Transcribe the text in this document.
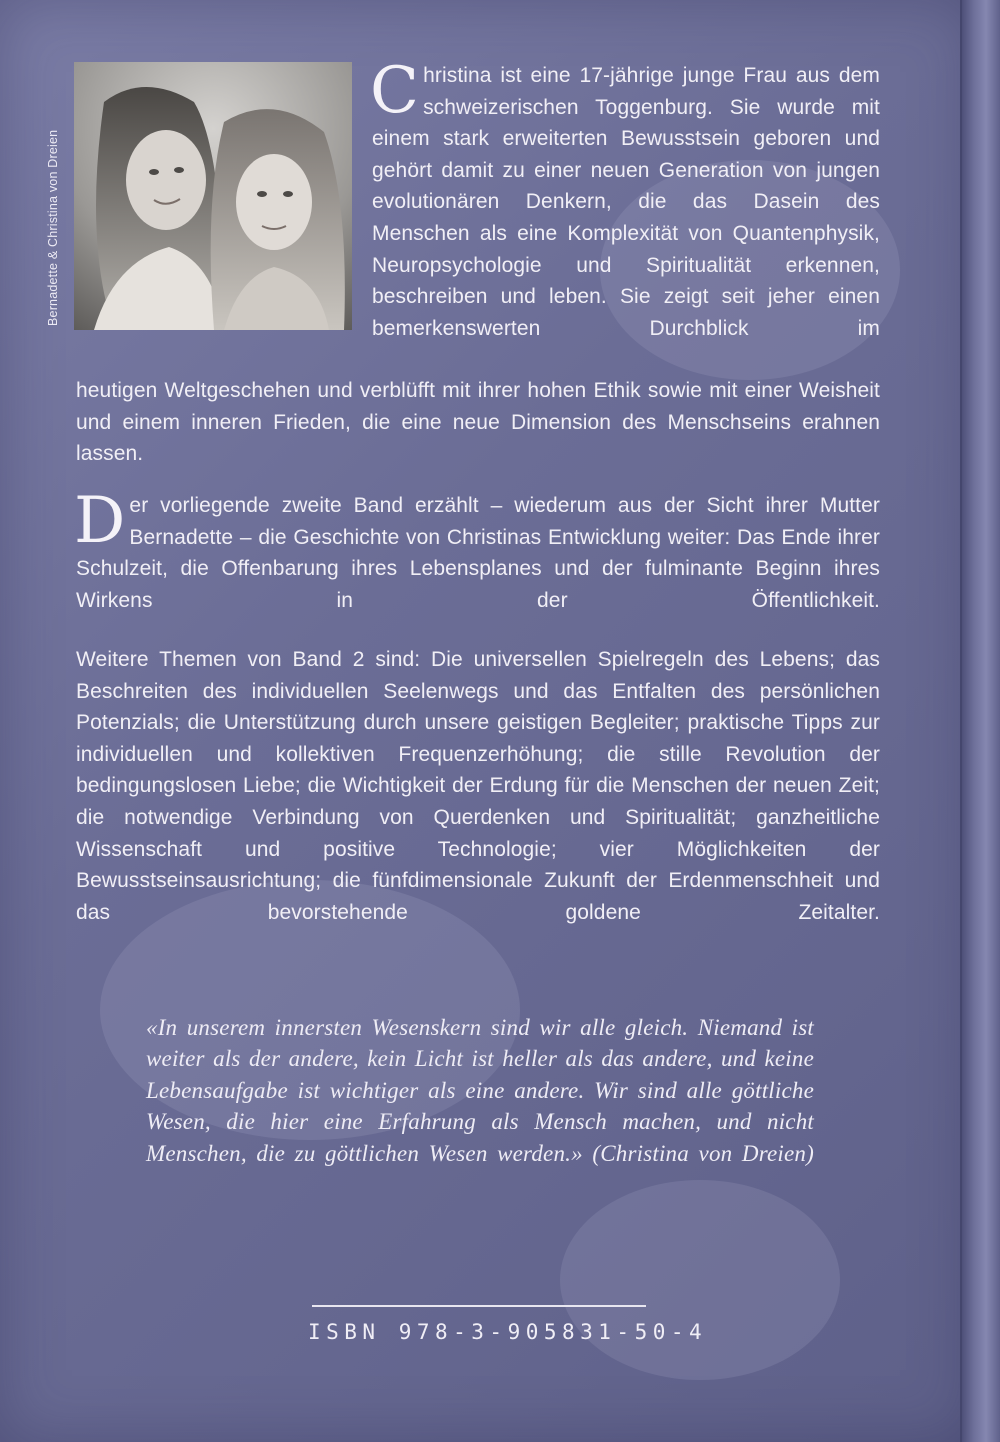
Bernadette & Christina von Dreien
C hristina ist eine 17-jährige junge Frau aus dem schweizerischen Toggenburg. Sie wurde mit einem stark erweiterten Bewusstsein geboren und gehört damit zu einer neuen Generation von jungen evolutionären Denkern, die das Dasein des Menschen als eine Komplexität von Quantenphysik, Neuropsychologie und Spiritualität erkennen, beschreiben und leben. Sie zeigt seit jeher einen bemerkenswerten Durchblick im
heutigen Weltgeschehen und verblüfft mit ihrer hohen Ethik sowie mit einer Weisheit und einem inneren Frieden, die eine neue Dimension des Menschseins erahnen lassen.
D er vorliegende zweite Band erzählt – wiederum aus der Sicht ihrer Mutter Bernadette – die Geschichte von Christinas Entwicklung weiter: Das Ende ihrer Schulzeit, die Offenbarung ihres Lebensplanes und der fulminante Beginn ihres Wirkens in der Öffentlichkeit.
Weitere Themen von Band 2 sind: Die universellen Spielregeln des Lebens; das Beschreiten des individuellen Seelenwegs und das Entfalten des persönlichen Potenzials; die Unterstützung durch unsere geistigen Begleiter; praktische Tipps zur individuellen und kollektiven Frequenzerhöhung; die stille Revolution der bedingungslosen Liebe; die Wichtigkeit der Erdung für die Menschen der neuen Zeit; die notwendige Verbindung von Querdenken und Spiritualität; ganzheitliche Wissenschaft und positive Technologie; vier Möglichkeiten der Bewusstseinsausrichtung; die fünfdimensionale Zukunft der Erdenmenschheit und das bevorstehende goldene Zeitalter.
«In unserem innersten Wesenskern sind wir alle gleich. Niemand ist weiter als der andere, kein Licht ist heller als das andere, und keine Lebensaufgabe ist wichtiger als eine andere. Wir sind alle göttliche Wesen, die hier eine Erfahrung als Mensch machen, und nicht Menschen, die zu göttlichen Wesen werden.» (Christina von Dreien)
ISBN 978-3-905831-50-4
